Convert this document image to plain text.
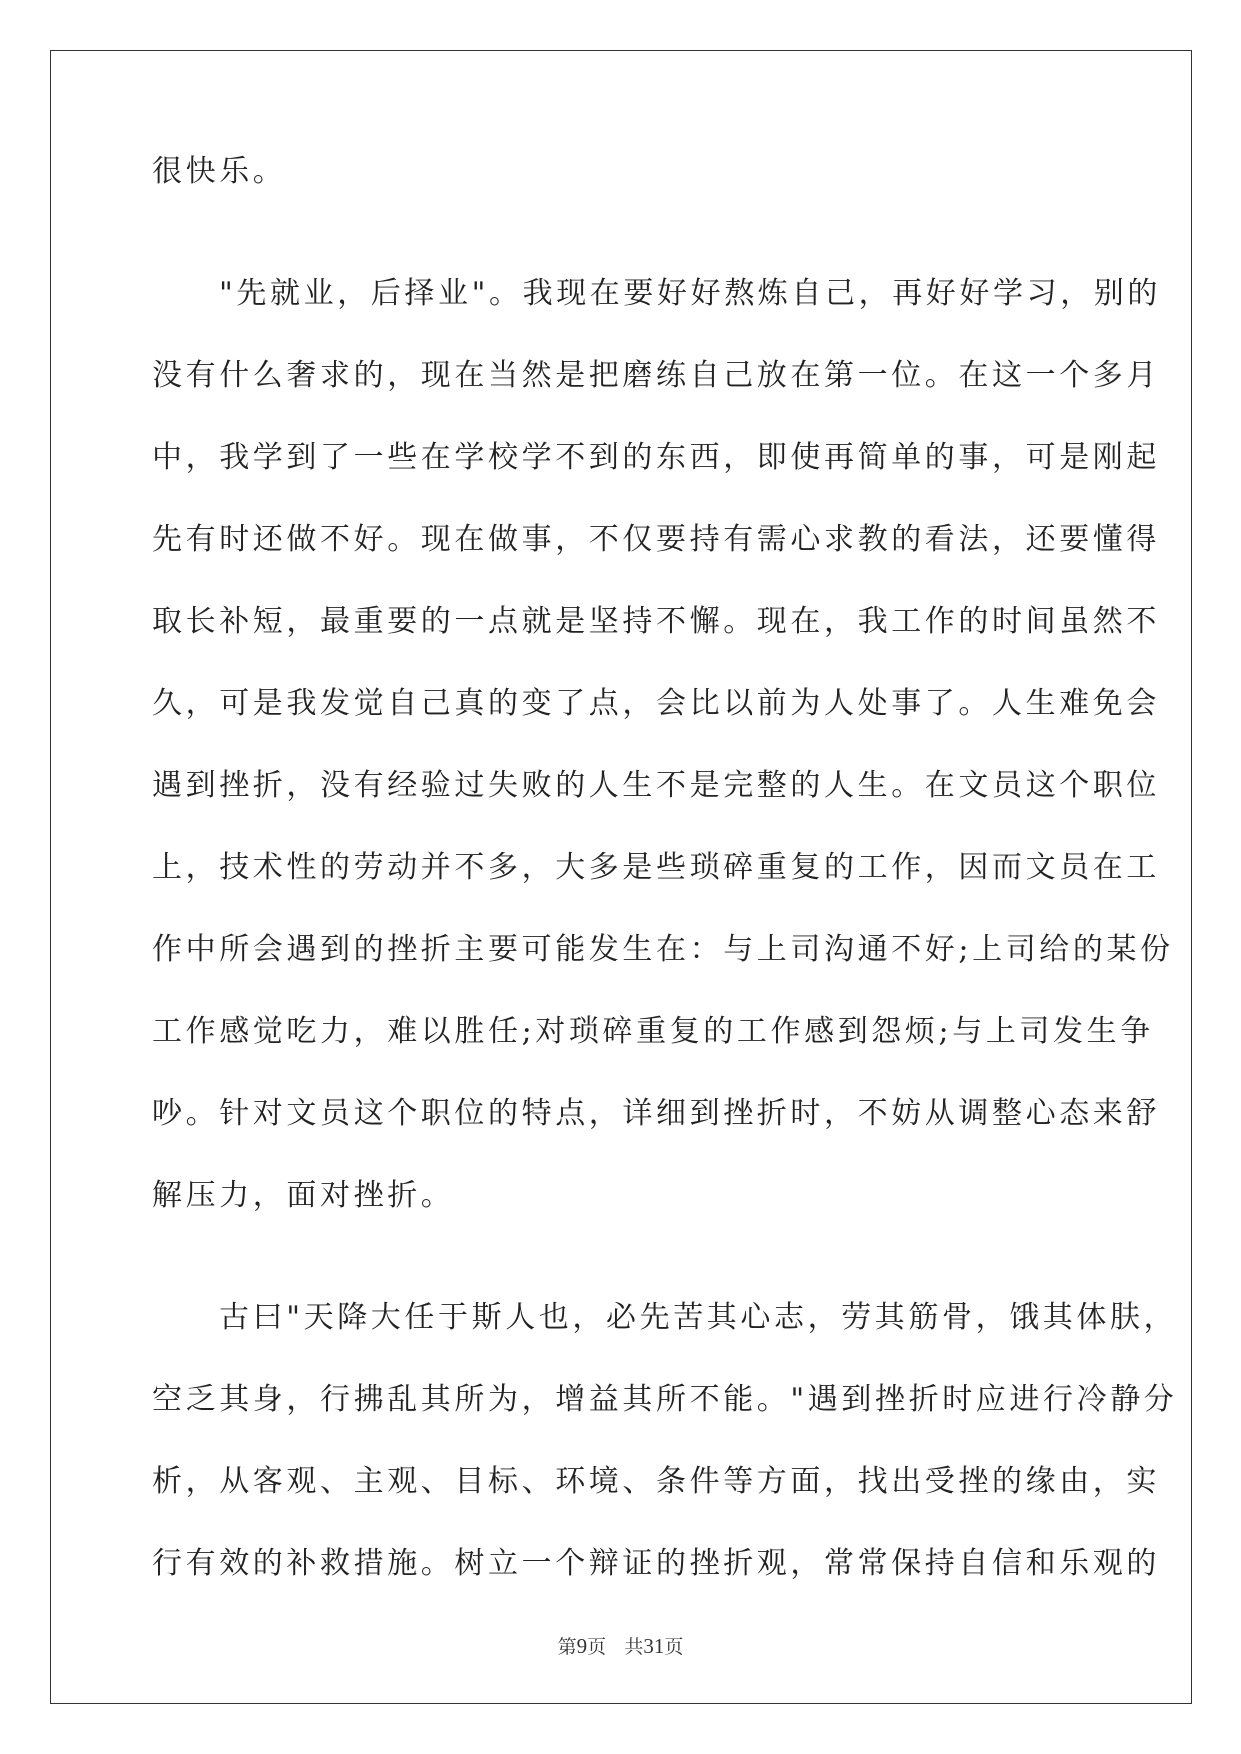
很快乐。
"先就业，后择业"。我现在要好好熬炼自己，再好好学习，别的
没有什么奢求的，现在当然是把磨练自己放在第一位。在这一个多月
中，我学到了一些在学校学不到的东西，即使再简单的事，可是刚起
先有时还做不好。现在做事，不仅要持有需心求教的看法，还要懂得
取长补短，最重要的一点就是坚持不懈。现在，我工作的时间虽然不
久，可是我发觉自己真的变了点，会比以前为人处事了。人生难免会
遇到挫折，没有经验过失败的人生不是完整的人生。在文员这个职位
上，技术性的劳动并不多，大多是些琐碎重复的工作，因而文员在工
作中所会遇到的挫折主要可能发生在：与上司沟通不好;上司给的某份
工作感觉吃力，难以胜任;对琐碎重复的工作感到怨烦;与上司发生争
吵。针对文员这个职位的特点，详细到挫折时，不妨从调整心态来舒
解压力，面对挫折。
古曰"天降大任于斯人也，必先苦其心志，劳其筋骨，饿其体肤，
空乏其身，行拂乱其所为，增益其所不能。"遇到挫折时应进行冷静分
析，从客观、主观、目标、环境、条件等方面，找出受挫的缘由，实
行有效的补救措施。树立一个辩证的挫折观，常常保持自信和乐观的
第9页 共31页
